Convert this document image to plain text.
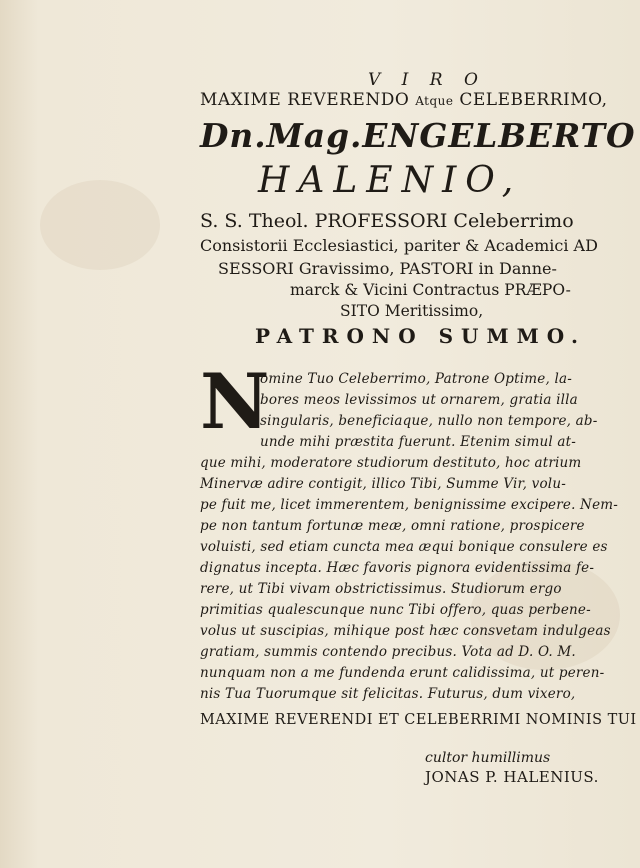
V I R O
MAXIME REVERENDO Atque CELEBERRIMO,
Dn.Mag.ENGELBERTO
HALENIO,
S. S. Theol. PROFESSORI Celeberrimo
Consistorii Ecclesiastici, pariter & Academici AD
SESSORI Gravissimo, PASTORI in Danne-
marck & Vicini Contractus PRÆPO-
SITO Meritissimo,
PATRONO SUMMO.
N
omine Tuo Celeberrimo, Patrone Optime, la-
bores meos levissimos ut ornarem, gratia illa
singularis, beneficiaque, nullo non tempore, ab-
unde mihi præstita fuerunt. Etenim simul at-
que mihi, moderatore studiorum destituto, hoc atrium
Minervæ adire contigit, illico Tibi, Summe Vir, volu-
pe fuit me, licet immerentem, benignissime excipere. Nem-
pe non tantum fortunæ meæ, omni ratione, prospicere
voluisti, sed etiam cuncta mea æqui bonique consulere es
dignatus incepta. Hæc favoris pignora evidentissima fe-
rere, ut Tibi vivam obstrictissimus. Studiorum ergo
primitias qualescunque nunc Tibi offero, quas perbene-
volus ut suscipias, mihique post hæc consvetam indulgeas
gratiam, summis contendo precibus. Vota ad D. O. M.
nunquam non a me fundenda erunt calidissima, ut peren-
nis Tua Tuorumque sit felicitas. Futurus, dum vixero,
MAXIME REVERENDI ET CELEBERRIMI NOMINIS TUI
cultor humillimus
JONAS P. HALENIUS.
